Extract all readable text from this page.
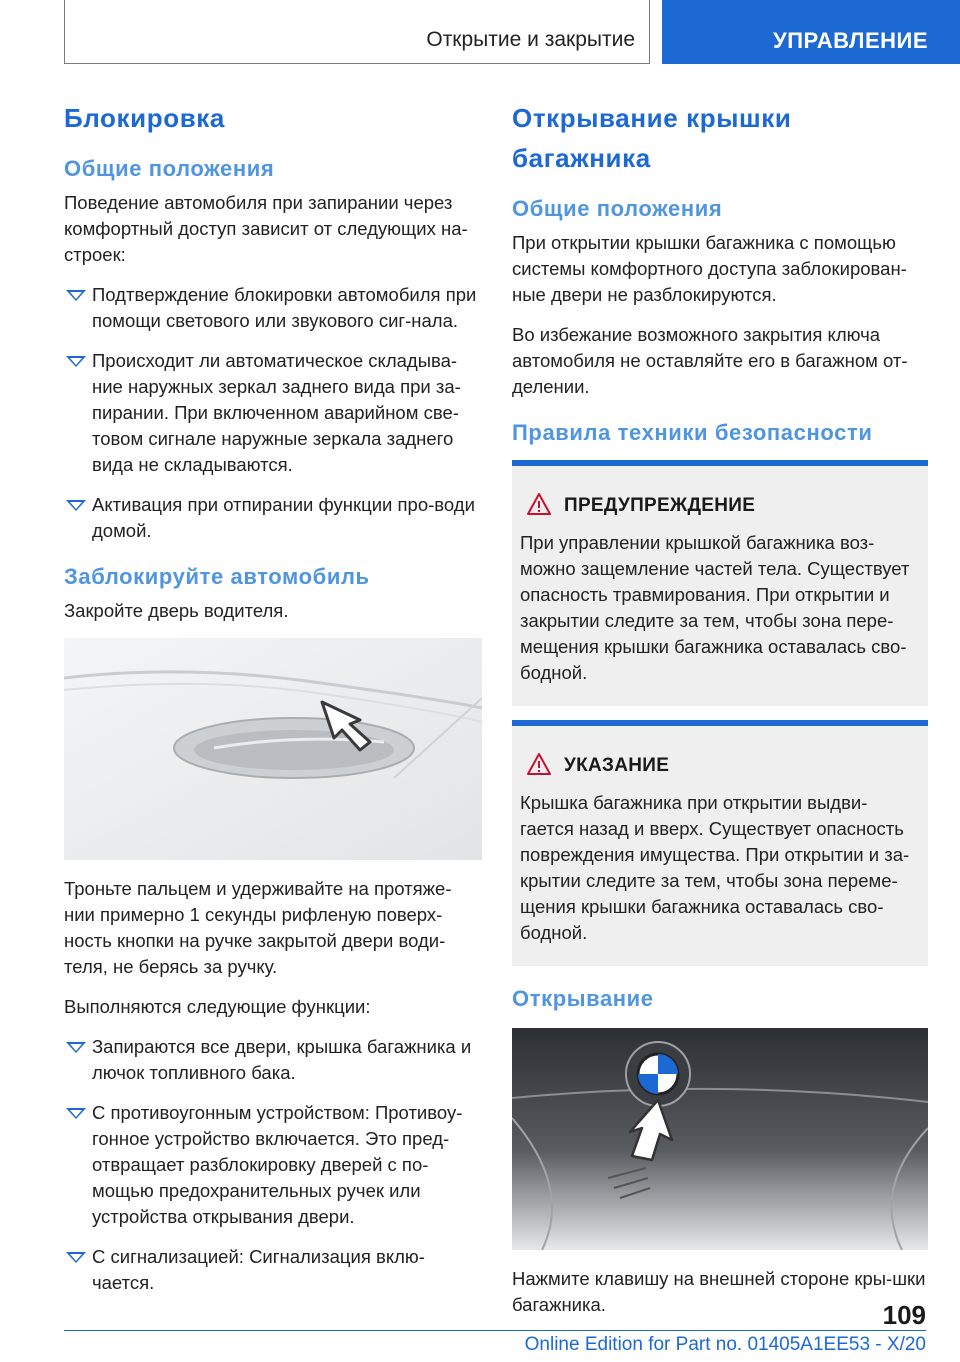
Открытие и закрытие	УПРАВЛЕНИЕ
Блокировка
Общие положения

Поведение автомобиля при запирании через комфортный доступ зависит от следующих на-строек:

Подтверждение блокировки автомобиля при помощи светового или звукового сиг-нала.
Происходит ли автоматическое складыва-ние наружных зеркал заднего вида при за-пирании. При включенном аварийном све-товом сигнале наружные зеркала заднего вида не складываются.
Активация при отпирании функции про-води домой.
Заблокируйте автомобиль

Закройте дверь водителя.

Троньте пальцем и удерживайте на протяже-нии примерно 1 секунды рифленую поверх-ность кнопки на ручке закрытой двери води-теля, не берясь за ручку.

Выполняются следующие функции:

Запираются все двери, крышка багажника и лючок топливного бака.
С противоугонным устройством: Противоу-гонное устройство включается. Это пред-отвращает разблокировку дверей с по-мощью предохранительных ручек или устройства открывания двери.
С сигнализацией: Сигнализация вклю-чается.
Открывание крышки багажника
Общие положения

При открытии крышки багажника с помощью системы комфортного доступа заблокирован-ные двери не разблокируются.

Во избежание возможного закрытия ключа автомобиля не оставляйте его в багажном от-делении.

Правила техники безопасности
ПРЕДУПРЕЖДЕНИЕ

При управлении крышкой багажника воз-можно защемление частей тела. Существует опасность травмирования. При открытии и закрытии следите за тем, чтобы зона пере-мещения крышки багажника оставалась сво-бодной.

УКАЗАНИЕ

Крышка багажника при открытии выдви-гается назад и вверх. Существует опасность повреждения имущества. При открытии и за-крытии следите за тем, чтобы зона переме-щения крышки багажника оставалась сво-бодной.

Открывание

Нажмите клавишу на внешней стороне кры-шки багажника.	109
Online Edition for Part no. 01405A1EE53 - X/20
